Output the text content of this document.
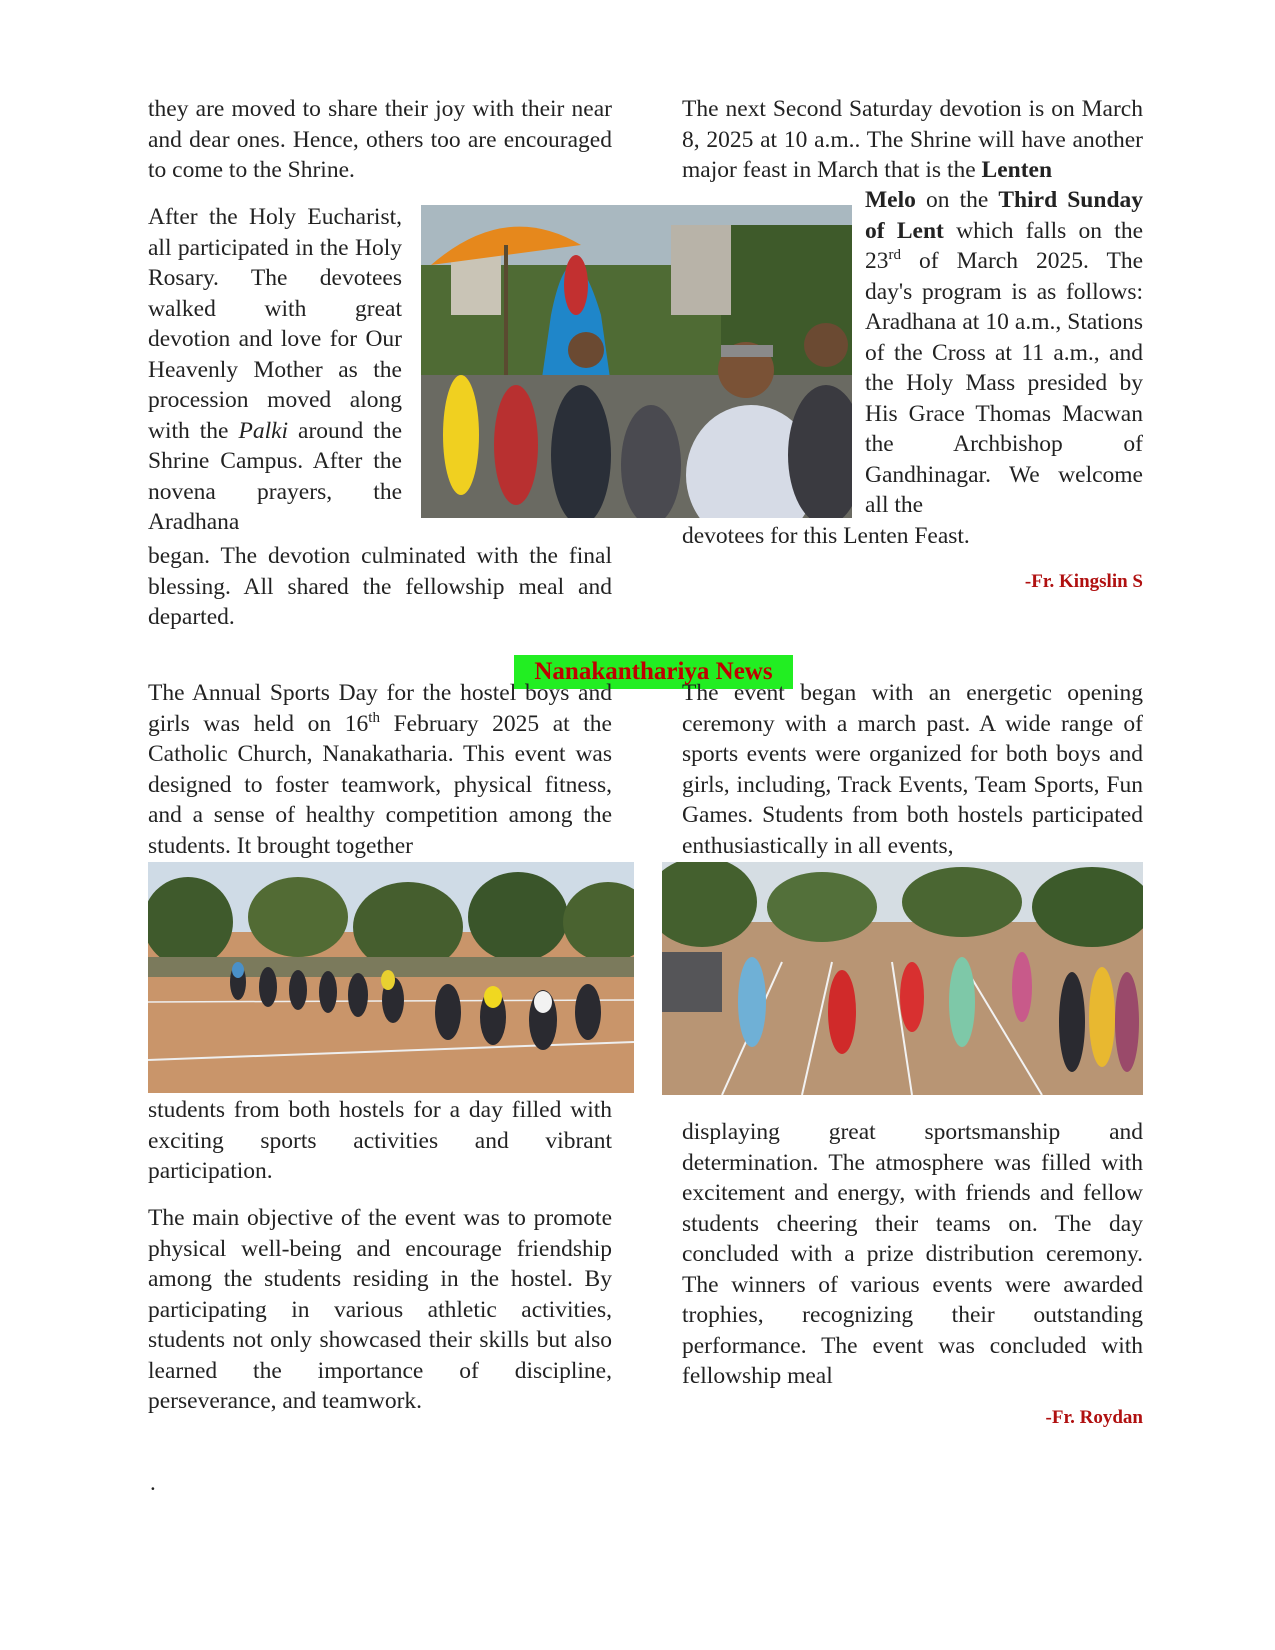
they are moved to share their joy with their near and dear ones. Hence, others too are encouraged to come to the Shrine.
After the Holy Eucharist, all participated in the Holy Rosary. The devotees walked with great devotion and love for Our Heavenly Mother as the procession moved along with the Palki around the Shrine Campus. After the novena prayers, the Aradhana
began. The devotion culminated with the final blessing. All shared the fellowship meal and departed.
The next Second Saturday devotion is on March 8, 2025 at 10 a.m.. The Shrine will have another major feast in March that is the Lenten
Melo on the Third Sunday of Lent which falls on the 23rd of March 2025. The day's program is as follows: Aradhana at 10 a.m., Stations of the Cross at 11 a.m., and the Holy Mass presided by His Grace Thomas Macwan the Archbishop of Gandhinagar. We welcome all the
devotees for this Lenten Feast.
-Fr. Kingslin S
Nanakanthariya News
The Annual Sports Day for the hostel boys and girls was held on 16th February 2025 at the Catholic Church, Nanakatharia. This event was designed to foster teamwork, physical fitness, and a sense of healthy competition among the students. It brought together
students from both hostels for a day filled with exciting sports activities and vibrant participation.
The main objective of the event was to promote physical well-being and encourage friendship among the students residing in the hostel. By participating in various athletic activities, students not only showcased their skills but also learned the importance of discipline, perseverance, and teamwork.
The event began with an energetic opening ceremony with a march past. A wide range of sports events were organized for both boys and girls, including, Track Events, Team Sports, Fun Games. Students from both hostels participated enthusiastically in all events,
displaying great sportsmanship and determination. The atmosphere was filled with excitement and energy, with friends and fellow students cheering their teams on. The day concluded with a prize distribution ceremony. The winners of various events were awarded trophies, recognizing their outstanding performance. The event was concluded with fellowship meal
-Fr. Roydan
.
